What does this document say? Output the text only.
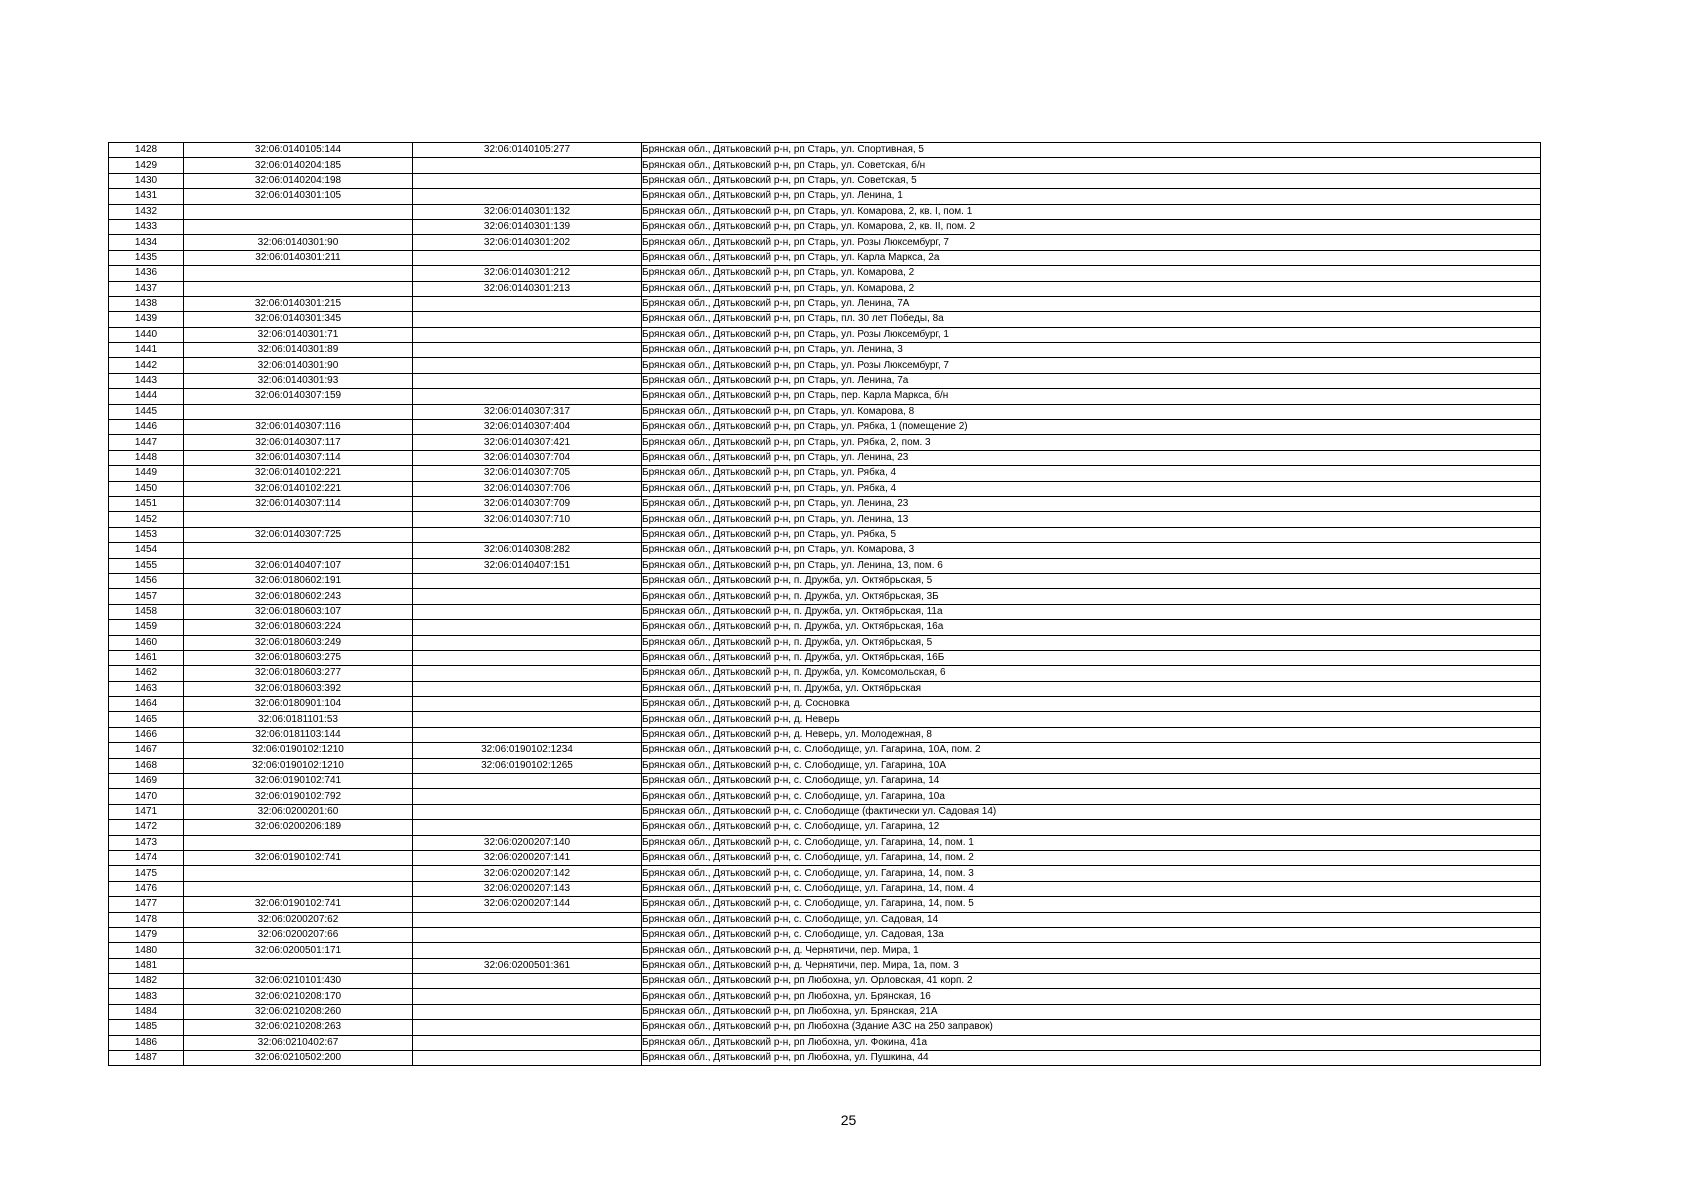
1428	32:06:0140105:144	32:06:0140105:277	Брянская обл., Дятьковский р-н, рп Старь, ул. Спортивная, 5
1429	32:06:0140204:185		Брянская обл., Дятьковский р-н, рп Старь, ул. Советская, б/н
1430	32:06:0140204:198		Брянская обл., Дятьковский р-н, рп Старь, ул. Советская, 5
1431	32:06:0140301:105		Брянская обл., Дятьковский р-н, рп Старь, ул. Ленина, 1
1432		32:06:0140301:132	Брянская обл., Дятьковский р-н, рп Старь, ул. Комарова, 2, кв. I, пом. 1
1433		32:06:0140301:139	Брянская обл., Дятьковский р-н, рп Старь, ул. Комарова, 2, кв. II, пом. 2
1434	32:06:0140301:90	32:06:0140301:202	Брянская обл., Дятьковский р-н, рп Старь, ул. Розы Люксембург, 7
1435	32:06:0140301:211		Брянская обл., Дятьковский р-н, рп Старь, ул. Карла Маркса, 2а
1436		32:06:0140301:212	Брянская обл., Дятьковский р-н, рп Старь, ул. Комарова, 2
1437		32:06:0140301:213	Брянская обл., Дятьковский р-н, рп Старь, ул. Комарова, 2
1438	32:06:0140301:215		Брянская обл., Дятьковский р-н, рп Старь, ул. Ленина, 7А
1439	32:06:0140301:345		Брянская обл., Дятьковский р-н, рп Старь, пл. 30 лет Победы, 8а
1440	32:06:0140301:71		Брянская обл., Дятьковский р-н, рп Старь, ул. Розы Люксембург, 1
1441	32:06:0140301:89		Брянская обл., Дятьковский р-н, рп Старь, ул. Ленина, 3
1442	32:06:0140301:90		Брянская обл., Дятьковский р-н, рп Старь, ул. Розы Люксембург, 7
1443	32:06:0140301:93		Брянская обл., Дятьковский р-н, рп Старь, ул. Ленина, 7а
1444	32:06:0140307:159		Брянская обл., Дятьковский р-н, рп Старь, пер. Карла Маркса, б/н
1445		32:06:0140307:317	Брянская обл., Дятьковский р-н, рп Старь, ул. Комарова, 8
1446	32:06:0140307:116	32:06:0140307:404	Брянская обл., Дятьковский р-н, рп Старь, ул. Рябка, 1 (помещение 2)
1447	32:06:0140307:117	32:06:0140307:421	Брянская обл., Дятьковский р-н, рп Старь, ул. Рябка, 2, пом. 3
1448	32:06:0140307:114	32:06:0140307:704	Брянская обл., Дятьковский р-н, рп Старь, ул. Ленина, 23
1449	32:06:0140102:221	32:06:0140307:705	Брянская обл., Дятьковский р-н, рп Старь, ул. Рябка, 4
1450	32:06:0140102:221	32:06:0140307:706	Брянская обл., Дятьковский р-н, рп Старь, ул. Рябка, 4
1451	32:06:0140307:114	32:06:0140307:709	Брянская обл., Дятьковский р-н, рп Старь, ул. Ленина, 23
1452		32:06:0140307:710	Брянская обл., Дятьковский р-н, рп Старь, ул. Ленина, 13
1453	32:06:0140307:725		Брянская обл., Дятьковский р-н, рп Старь, ул. Рябка, 5
1454		32:06:0140308:282	Брянская обл., Дятьковский р-н, рп Старь, ул. Комарова, 3
1455	32:06:0140407:107	32:06:0140407:151	Брянская обл., Дятьковский р-н, рп Старь, ул. Ленина, 13, пом. 6
1456	32:06:0180602:191		Брянская обл., Дятьковский р-н, п. Дружба, ул. Октябрьская, 5
1457	32:06:0180602:243		Брянская обл., Дятьковский р-н, п. Дружба, ул. Октябрьская, 3Б
1458	32:06:0180603:107		Брянская обл., Дятьковский р-н, п. Дружба, ул. Октябрьская, 11а
1459	32:06:0180603:224		Брянская обл., Дятьковский р-н, п. Дружба, ул. Октябрьская, 16а
1460	32:06:0180603:249		Брянская обл., Дятьковский р-н, п. Дружба, ул. Октябрьская, 5
1461	32:06:0180603:275		Брянская обл., Дятьковский р-н, п. Дружба, ул. Октябрьская, 16Б
1462	32:06:0180603:277		Брянская обл., Дятьковский р-н, п. Дружба, ул. Комсомольская, 6
1463	32:06:0180603:392		Брянская обл., Дятьковский р-н, п. Дружба, ул. Октябрьская
1464	32:06:0180901:104		Брянская обл., Дятьковский р-н, д. Сосновка
1465	32:06:0181101:53		Брянская обл., Дятьковский р-н, д. Неверь
1466	32:06:0181103:144		Брянская обл., Дятьковский р-н, д. Неверь, ул. Молодежная, 8
1467	32:06:0190102:1210	32:06:0190102:1234	Брянская обл., Дятьковский р-н, с. Слободище, ул. Гагарина, 10А, пом. 2
1468	32:06:0190102:1210	32:06:0190102:1265	Брянская обл., Дятьковский р-н, с. Слободище, ул. Гагарина, 10А
1469	32:06:0190102:741		Брянская обл., Дятьковский р-н, с. Слободище, ул. Гагарина, 14
1470	32:06:0190102:792		Брянская обл., Дятьковский р-н, с. Слободище, ул. Гагарина, 10а
1471	32:06:0200201:60		Брянская обл., Дятьковский р-н, с. Слободище (фактически ул. Садовая 14)
1472	32:06:0200206:189		Брянская обл., Дятьковский р-н, с. Слободище, ул. Гагарина, 12
1473		32:06:0200207:140	Брянская обл., Дятьковский р-н, с. Слободище, ул. Гагарина, 14, пом. 1
1474	32:06:0190102:741	32:06:0200207:141	Брянская обл., Дятьковский р-н, с. Слободище, ул. Гагарина, 14, пом. 2
1475		32:06:0200207:142	Брянская обл., Дятьковский р-н, с. Слободище, ул. Гагарина, 14, пом. 3
1476		32:06:0200207:143	Брянская обл., Дятьковский р-н, с. Слободище, ул. Гагарина, 14, пом. 4
1477	32:06:0190102:741	32:06:0200207:144	Брянская обл., Дятьковский р-н, с. Слободище, ул. Гагарина, 14, пом. 5
1478	32:06:0200207:62		Брянская обл., Дятьковский р-н, с. Слободище, ул. Садовая, 14
1479	32:06:0200207:66		Брянская обл., Дятьковский р-н, с. Слободище, ул. Садовая, 13а
1480	32:06:0200501:171		Брянская обл., Дятьковский р-н, д. Чернятичи, пер. Мира, 1
1481		32:06:0200501:361	Брянская обл., Дятьковский р-н, д. Чернятичи, пер. Мира, 1а, пом. 3
1482	32:06:0210101:430		Брянская обл., Дятьковский р-н, рп Любохна, ул. Орловская, 41 корп. 2
1483	32:06:0210208:170		Брянская обл., Дятьковский р-н, рп Любохна, ул. Брянская, 16
1484	32:06:0210208:260		Брянская обл., Дятьковский р-н, рп Любохна, ул. Брянская, 21А
1485	32:06:0210208:263		Брянская обл., Дятьковский р-н, рп Любохна (Здание АЗС на 250 заправок)
1486	32:06:0210402:67		Брянская обл., Дятьковский р-н, рп Любохна, ул. Фокина, 41а
1487	32:06:0210502:200		Брянская обл., Дятьковский р-н, рп Любохна, ул. Пушкина, 44
25
